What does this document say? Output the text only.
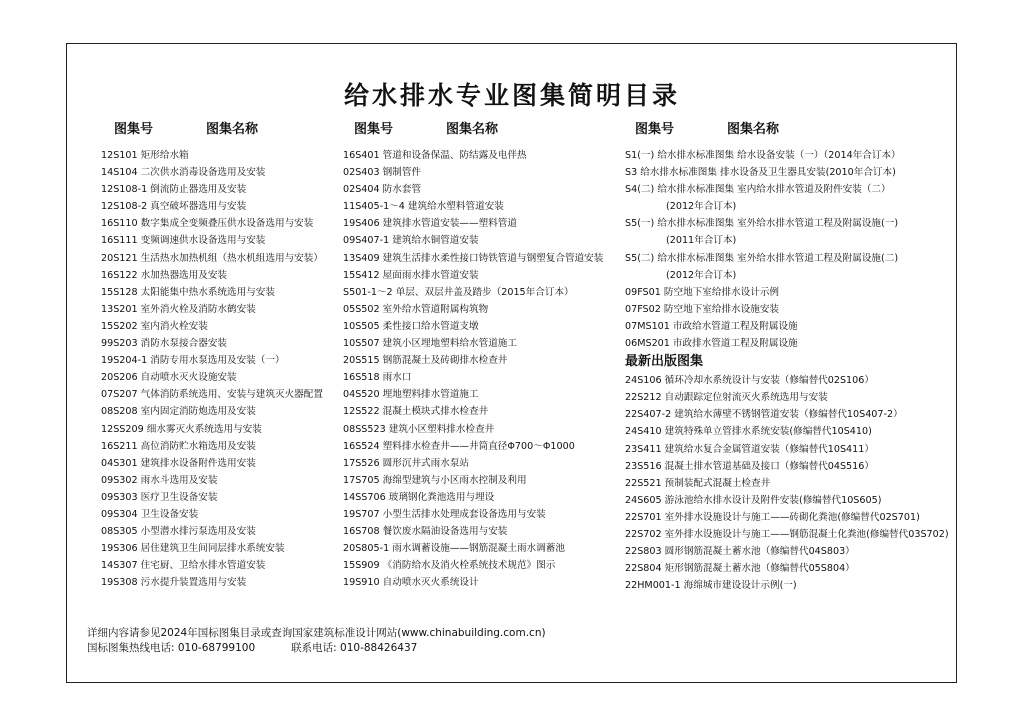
给水排水专业图集简明目录
图集号	图集名称	图集号	图集名称	图集号	图集名称
12S101 矩形给水箱
14S104 二次供水消毒设备选用及安装
12S108-1 倒流防止器选用及安装
12S108-2 真空破坏器选用与安装
16S110 数字集成全变频叠压供水设备选用与安装
16S111 变频调速供水设备选用与安装
20S121 生活热水加热机组（热水机组选用与安装）
16S122 水加热器选用及安装
15S128 太阳能集中热水系统选用与安装
13S201 室外消火栓及消防水鹤安装
15S202 室内消火栓安装
99S203 消防水泵接合器安装
19S204-1 消防专用水泵选用及安装（一）
20S206 自动喷水灭火设施安装
07S207 气体消防系统选用、安装与建筑灭火器配置
08S208 室内固定消防炮选用及安装
12SS209 细水雾灭火系统选用与安装
16S211 高位消防贮水箱选用及安装
04S301 建筑排水设备附件选用安装
09S302 雨水斗选用及安装
09S303 医疗卫生设备安装
09S304 卫生设备安装
08S305 小型潜水排污泵选用及安装
19S306 居住建筑卫生间同层排水系统安装
14S307 住宅厨、卫给水排水管道安装
19S308 污水提升装置选用与安装
16S401 管道和设备保温、防结露及电伴热
02S403 钢制管件
02S404 防水套管
11S405-1～4 建筑给水塑料管道安装
19S406 建筑排水管道安装——塑料管道
09S407-1 建筑给水铜管道安装
13S409 建筑生活排水柔性接口铸铁管道与钢塑复合管道安装
15S412 屋面雨水排水管道安装
S501-1～2 单层、双层井盖及踏步（2015年合订本）
05S502 室外给水管道附属构筑物
10S505 柔性接口给水管道支墩
10S507 建筑小区埋地塑料给水管道施工
20S515 钢筋混凝土及砖砌排水检查井
16S518 雨水口
04S520 埋地塑料排水管道施工
12S522 混凝土模块式排水检查井
08SS523 建筑小区塑料排水检查井
16S524 塑料排水检查井——井筒直径Φ700～Φ1000
17S526 圆形沉井式雨水泵站
17S705 海绵型建筑与小区雨水控制及利用
14SS706 玻璃钢化粪池选用与埋设
19S707 小型生活排水处理成套设备选用与安装
16S708 餐饮废水隔油设备选用与安装
20S805-1 雨水调蓄设施——钢筋混凝土雨水调蓄池
15S909 《消防给水及消火栓系统技术规范》图示
19S910 自动喷水灭火系统设计
S1(一) 给水排水标准图集 给水设备安装（一）（2014年合订本）
S3 给水排水标准图集 排水设备及卫生器具安装(2010年合订本)
S4(二) 给水排水标准图集 室内给水排水管道及附件安装（二）
(2012年合订本)
S5(一) 给水排水标准图集 室外给水排水管道工程及附属设施(一)
(2011年合订本)
S5(二) 给水排水标准图集 室外给水排水管道工程及附属设施(二)
(2012年合订本)
09FS01 防空地下室给排水设计示例
07FS02 防空地下室给排水设施安装
07MS101 市政给水管道工程及附属设施
06MS201 市政排水管道工程及附属设施
最新出版图集
24S106 循环冷却水系统设计与安装（修编替代02S106）
22S212 自动跟踪定位射流灭火系统选用与安装
22S407-2 建筑给水薄壁不锈钢管道安装（修编替代10S407-2）
24S410 建筑特殊单立管排水系统安装(修编替代10S410)
23S411 建筑给水复合金属管道安装（修编替代10S411）
23S516 混凝土排水管道基础及接口（修编替代04S516）
22S521 预制装配式混凝土检查井
24S605 游泳池给水排水设计及附件安装(修编替代10S605)
22S701 室外排水设施设计与施工——砖砌化粪池(修编替代02S701)
22S702 室外排水设施设计与施工——钢筋混凝土化粪池(修编替代03S702)
22S803 圆形钢筋混凝土蓄水池（修编替代04S803）
22S804 矩形钢筋混凝土蓄水池（修编替代05S804）
22HM001-1 海绵城市建设设计示例(一)
详细内容请参见2024年国标图集目录或查询国家建筑标准设计网站(www.chinabuilding.com.cn)
国标图集热线电话: 010-68799100	联系电话: 010-88426437
